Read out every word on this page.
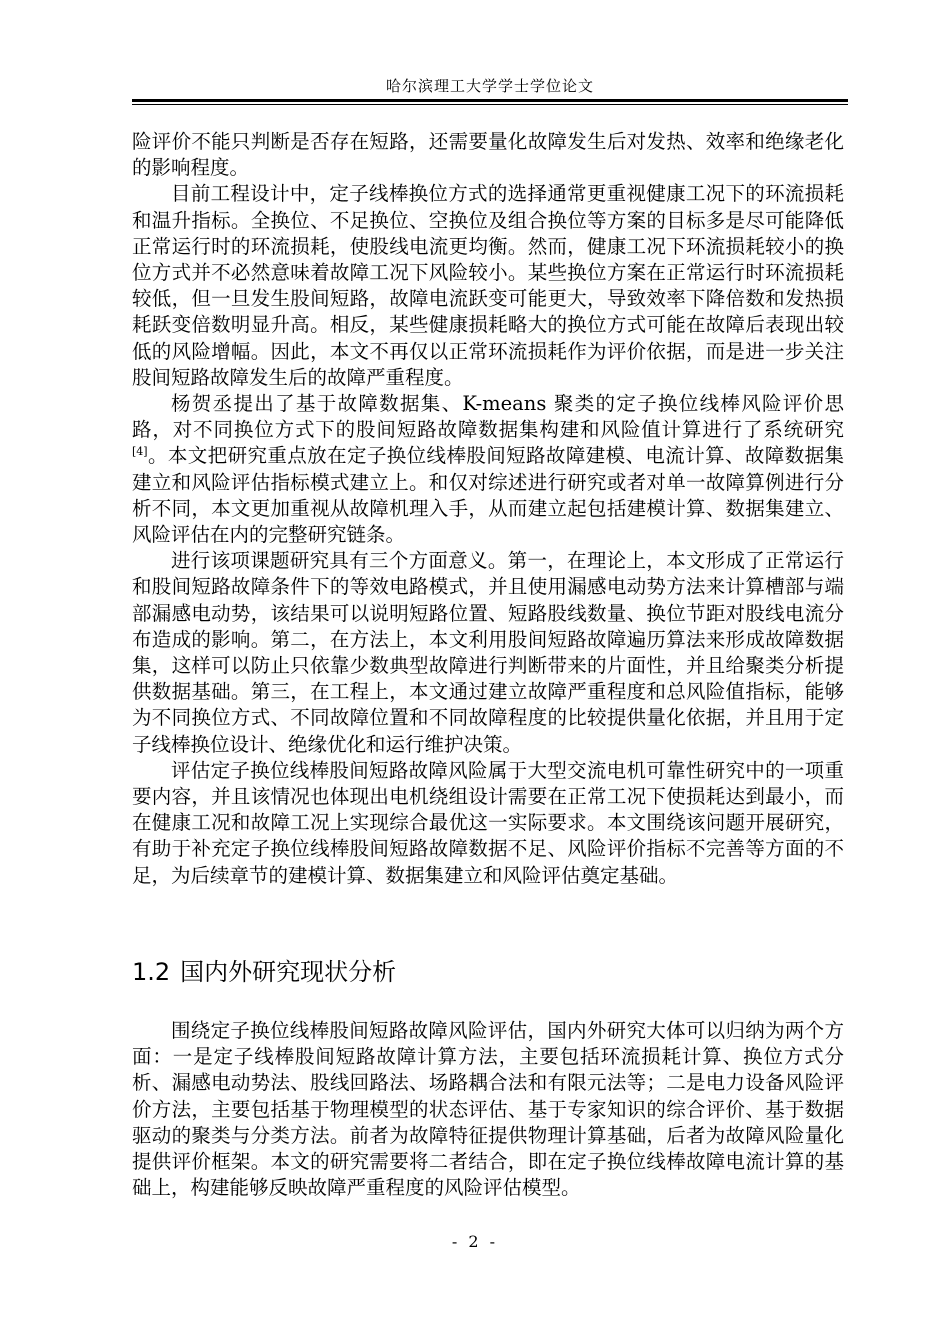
哈尔滨理工大学学士学位论文

险评价不能只判断是否存在短路，还需要量化故障发生后对发热、效率和绝缘老化的影响程度。

目前工程设计中，定子线棒换位方式的选择通常更重视健康工况下的环流损耗和温升指标。全换位、不足换位、空换位及组合换位等方案的目标多是尽可能降低正常运行时的环流损耗，使股线电流更均衡。然而，健康工况下环流损耗较小的换位方式并不必然意味着故障工况下风险较小。某些换位方案在正常运行时环流损耗较低，但一旦发生股间短路，故障电流跃变可能更大，导致效率下降倍数和发热损耗跃变倍数明显升高。相反，某些健康损耗略大的换位方式可能在故障后表现出较低的风险增幅。因此，本文不再仅以正常环流损耗作为评价依据，而是进一步关注股间短路故障发生后的故障严重程度。

杨贺丞提出了基于故障数据集、K-means 聚类的定子换位线棒风险评价思路，对不同换位方式下的股间短路故障数据集构建和风险值计算进行了系统研究[4]。本文把研究重点放在定子换位线棒股间短路故障建模、电流计算、故障数据集建立和风险评估指标模式建立上。和仅对综述进行研究或者对单一故障算例进行分析不同，本文更加重视从故障机理入手，从而建立起包括建模计算、数据集建立、风险评估在内的完整研究链条。

进行该项课题研究具有三个方面意义。第一，在理论上，本文形成了正常运行和股间短路故障条件下的等效电路模式，并且使用漏感电动势方法来计算槽部与端部漏感电动势，该结果可以说明短路位置、短路股线数量、换位节距对股线电流分布造成的影响。第二，在方法上，本文利用股间短路故障遍历算法来形成故障数据集，这样可以防止只依靠少数典型故障进行判断带来的片面性，并且给聚类分析提供数据基础。第三，在工程上，本文通过建立故障严重程度和总风险值指标，能够为不同换位方式、不同故障位置和不同故障程度的比较提供量化依据，并且用于定子线棒换位设计、绝缘优化和运行维护决策。

评估定子换位线棒股间短路故障风险属于大型交流电机可靠性研究中的一项重要内容，并且该情况也体现出电机绕组设计需要在正常工况下使损耗达到最小，而在健康工况和故障工况上实现综合最优这一实际要求。本文围绕该问题开展研究，有助于补充定子换位线棒股间短路故障数据不足、风险评价指标不完善等方面的不足，为后续章节的建模计算、数据集建立和风险评估奠定基础。

1.2 国内外研究现状分析

围绕定子换位线棒股间短路故障风险评估，国内外研究大体可以归纳为两个方面：一是定子线棒股间短路故障计算方法，主要包括环流损耗计算、换位方式分析、漏感电动势法、股线回路法、场路耦合法和有限元法等；二是电力设备风险评价方法，主要包括基于物理模型的状态评估、基于专家知识的综合评价、基于数据驱动的聚类与分类方法。前者为故障特征提供物理计算基础，后者为故障风险量化提供评价框架。本文的研究需要将二者结合，即在定子换位线棒故障电流计算的基础上，构建能够反映故障严重程度的风险评估模型。

- 2 -
